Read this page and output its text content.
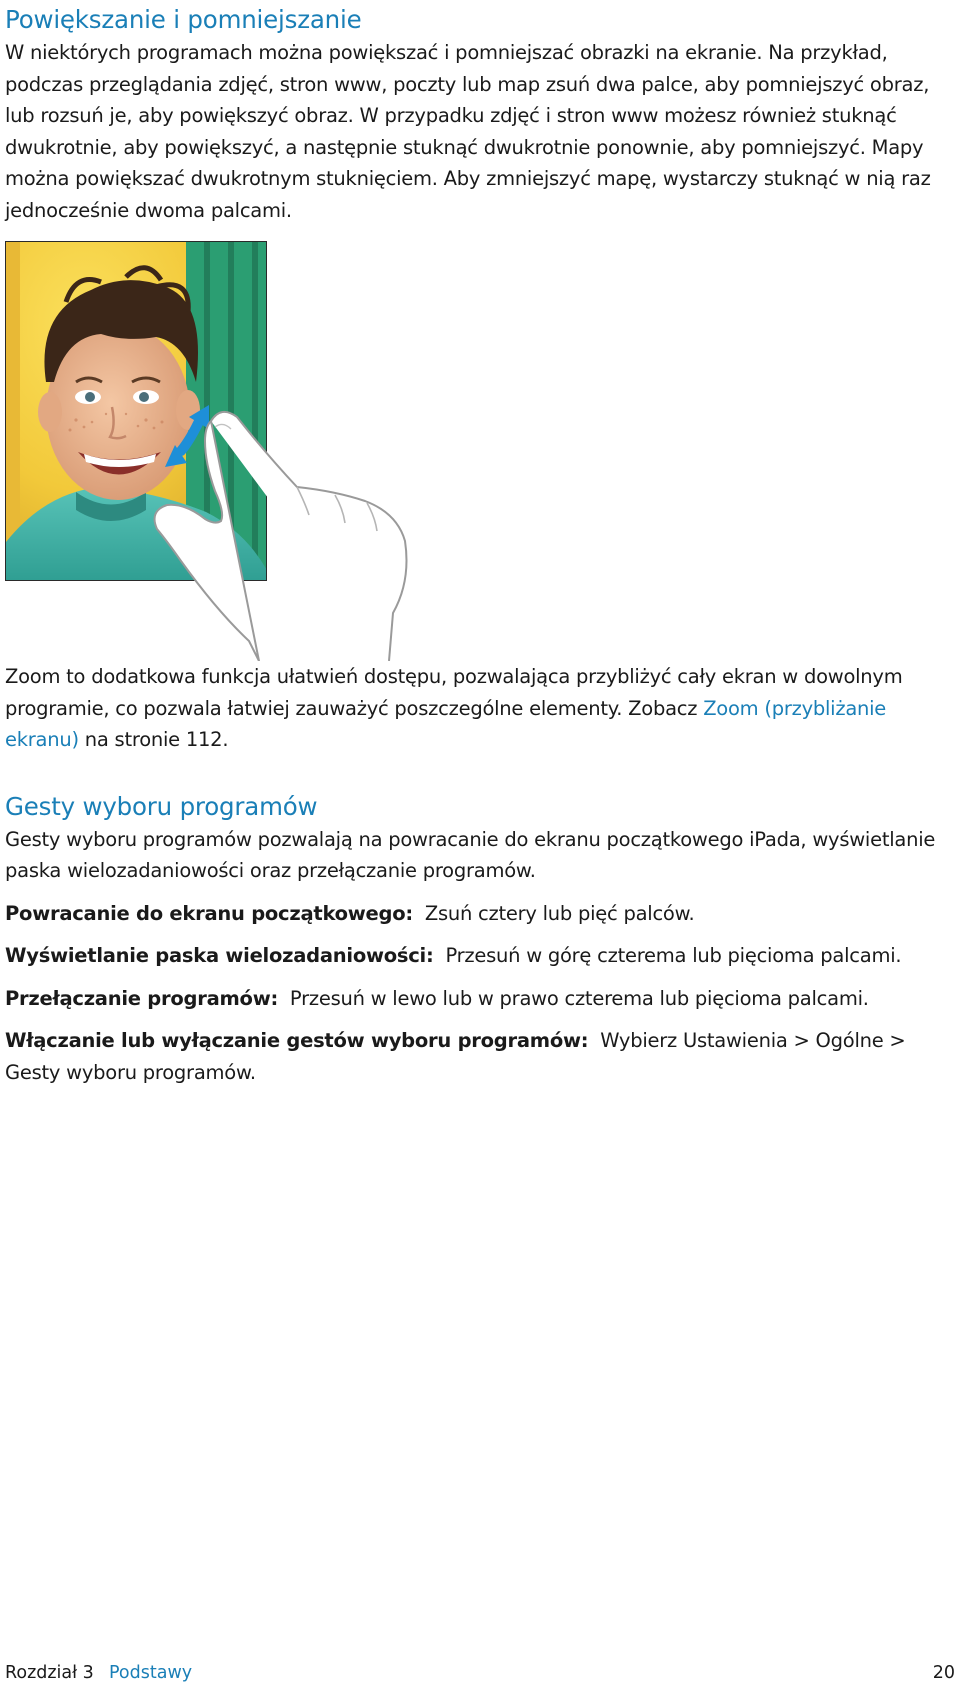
Powiększanie i pomniejszanie

W niektórych programach można powiększać i pomniejszać obrazki na ekranie. Na przykład, podczas przeglądania zdjęć, stron www, poczty lub map zsuń dwa palce, aby pomniejszyć obraz, lub rozsuń je, aby powiększyć obraz. W przypadku zdjęć i stron www możesz również stuknąć dwukrotnie, aby powiększyć, a następnie stuknąć dwukrotnie ponownie, aby pomniejszyć. Mapy można powiększać dwukrotnym stuknięciem. Aby zmniejszyć mapę, wystarczy stuknąć w nią raz jednocześnie dwoma palcami.

Zoom to dodatkowa funkcja ułatwień dostępu, pozwalająca przybliżyć cały ekran w dowolnym programie, co pozwala łatwiej zauważyć poszczególne elementy. Zobacz Zoom (przybliżanie ekranu) na stronie 112.

Gesty wyboru programów

Gesty wyboru programów pozwalają na powracanie do ekranu początkowego iPada, wyświetlanie paska wielozadaniowości oraz przełączanie programów.

Powracanie do ekranu początkowego: Zsuń cztery lub pięć palców.

Wyświetlanie paska wielozadaniowości: Przesuń w górę czterema lub pięcioma palcami.

Przełączanie programów: Przesuń w lewo lub w prawo czterema lub pięcioma palcami.

Włączanie lub wyłączanie gestów wyboru programów: Wybierz Ustawienia > Ogólne > Gesty wyboru programów.

Rozdział 3 Podstawy	20
